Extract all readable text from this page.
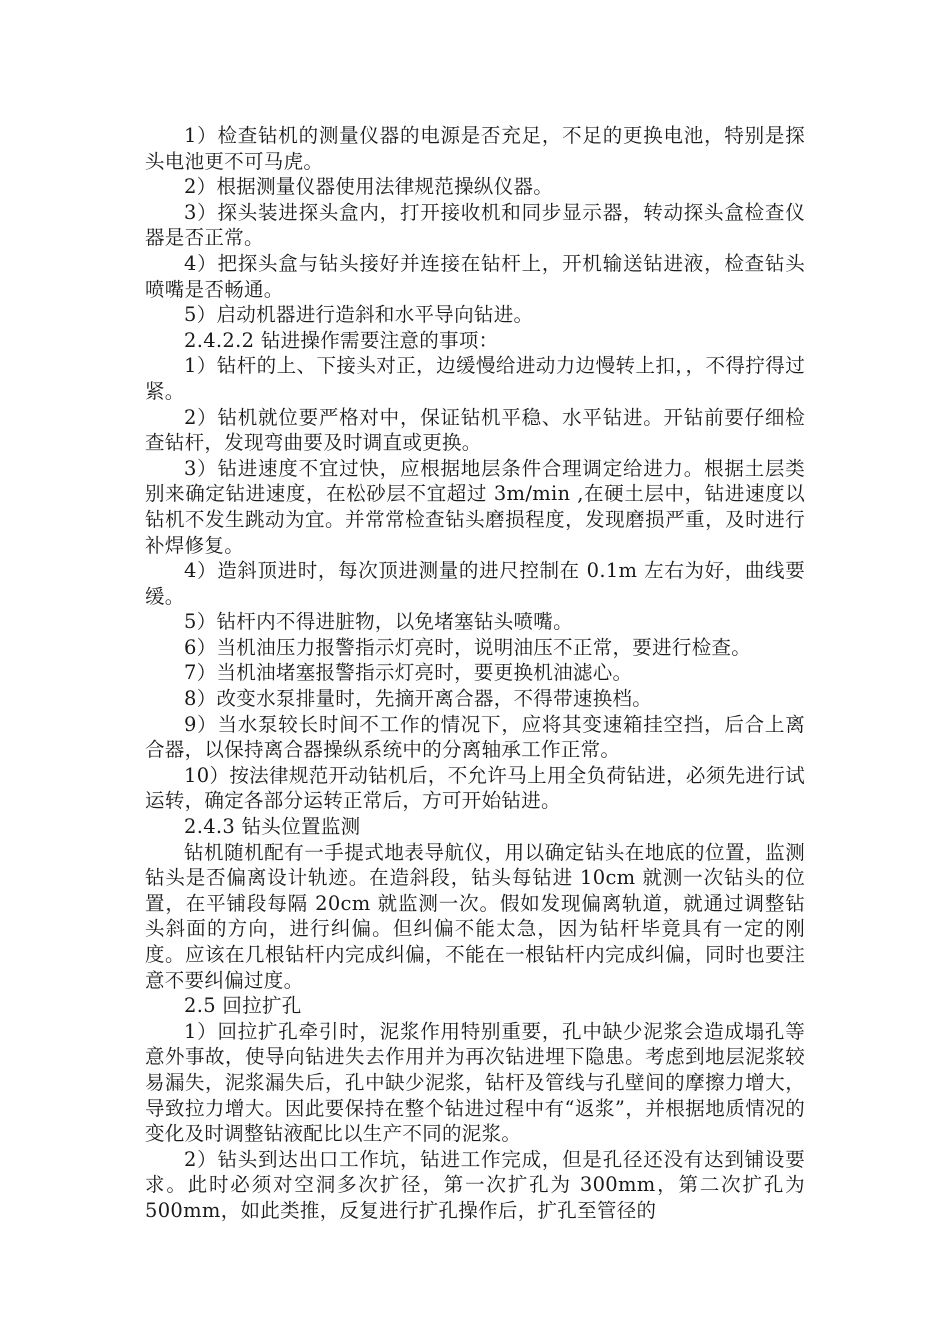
1）检查钻机的测量仪器的电源是否充足，不足的更换电池，特别是探头电池更不可马虎。

2）根据测量仪器使用法律规范操纵仪器。

3）探头装进探头盒内，打开接收机和同步显示器，转动探头盒检查仪器是否正常。

4）把探头盒与钻头接好并连接在钻杆上，开机输送钻进液，检查钻头喷嘴是否畅通。

5）启动机器进行造斜和水平导向钻进。

2.4.2.2 钻进操作需要注意的事项：

1）钻杆的上、下接头对正，边缓慢给进动力边慢转上扣，，不得拧得过紧。

2）钻机就位要严格对中，保证钻机平稳、水平钻进。开钻前要仔细检查钻杆，发现弯曲要及时调直或更换。

3）钻进速度不宜过快，应根据地层条件合理调定给进力。根据土层类别来确定钻进速度，在松砂层不宜超过 3m/min ,在硬土层中，钻进速度以钻机不发生跳动为宜。并常常检查钻头磨损程度，发现磨损严重，及时进行补焊修复。

4）造斜顶进时，每次顶进测量的进尺控制在 0.1m 左右为好，曲线要缓。

5）钻杆内不得进脏物，以免堵塞钻头喷嘴。

6）当机油压力报警指示灯亮时，说明油压不正常，要进行检查。

7）当机油堵塞报警指示灯亮时，要更换机油滤心。

8）改变水泵排量时，先摘开离合器，不得带速换档。

9）当水泵较长时间不工作的情况下，应将其变速箱挂空挡，后合上离合器，以保持离合器操纵系统中的分离轴承工作正常。

10）按法律规范开动钻机后，不允许马上用全负荷钻进，必须先进行试运转，确定各部分运转正常后，方可开始钻进。

2.4.3 钻头位置监测

钻机随机配有一手提式地表导航仪，用以确定钻头在地底的位置，监测钻头是否偏离设计轨迹。在造斜段，钻头每钻进 10cm 就测一次钻头的位置，在平铺段每隔 20cm 就监测一次。假如发现偏离轨道，就通过调整钻头斜面的方向，进行纠偏。但纠偏不能太急，因为钻杆毕竟具有一定的刚度。应该在几根钻杆内完成纠偏，不能在一根钻杆内完成纠偏，同时也要注意不要纠偏过度。

2.5 回拉扩孔

1）回拉扩孔牵引时，泥浆作用特别重要，孔中缺少泥浆会造成塌孔等意外事故，使导向钻进失去作用并为再次钻进埋下隐患。考虑到地层泥浆较易漏失，泥浆漏失后，孔中缺少泥浆，钻杆及管线与孔壁间的摩擦力增大，导致拉力增大。因此要保持在整个钻进过程中有“返浆”，并根据地质情况的变化及时调整钻液配比以生产不同的泥浆。

2）钻头到达出口工作坑，钻进工作完成，但是孔径还没有达到铺设要求。此时必须对空洞多次扩径，第一次扩孔为 300mm，第二次扩孔为 500mm，如此类推，反复进行扩孔操作后，扩孔至管径的
